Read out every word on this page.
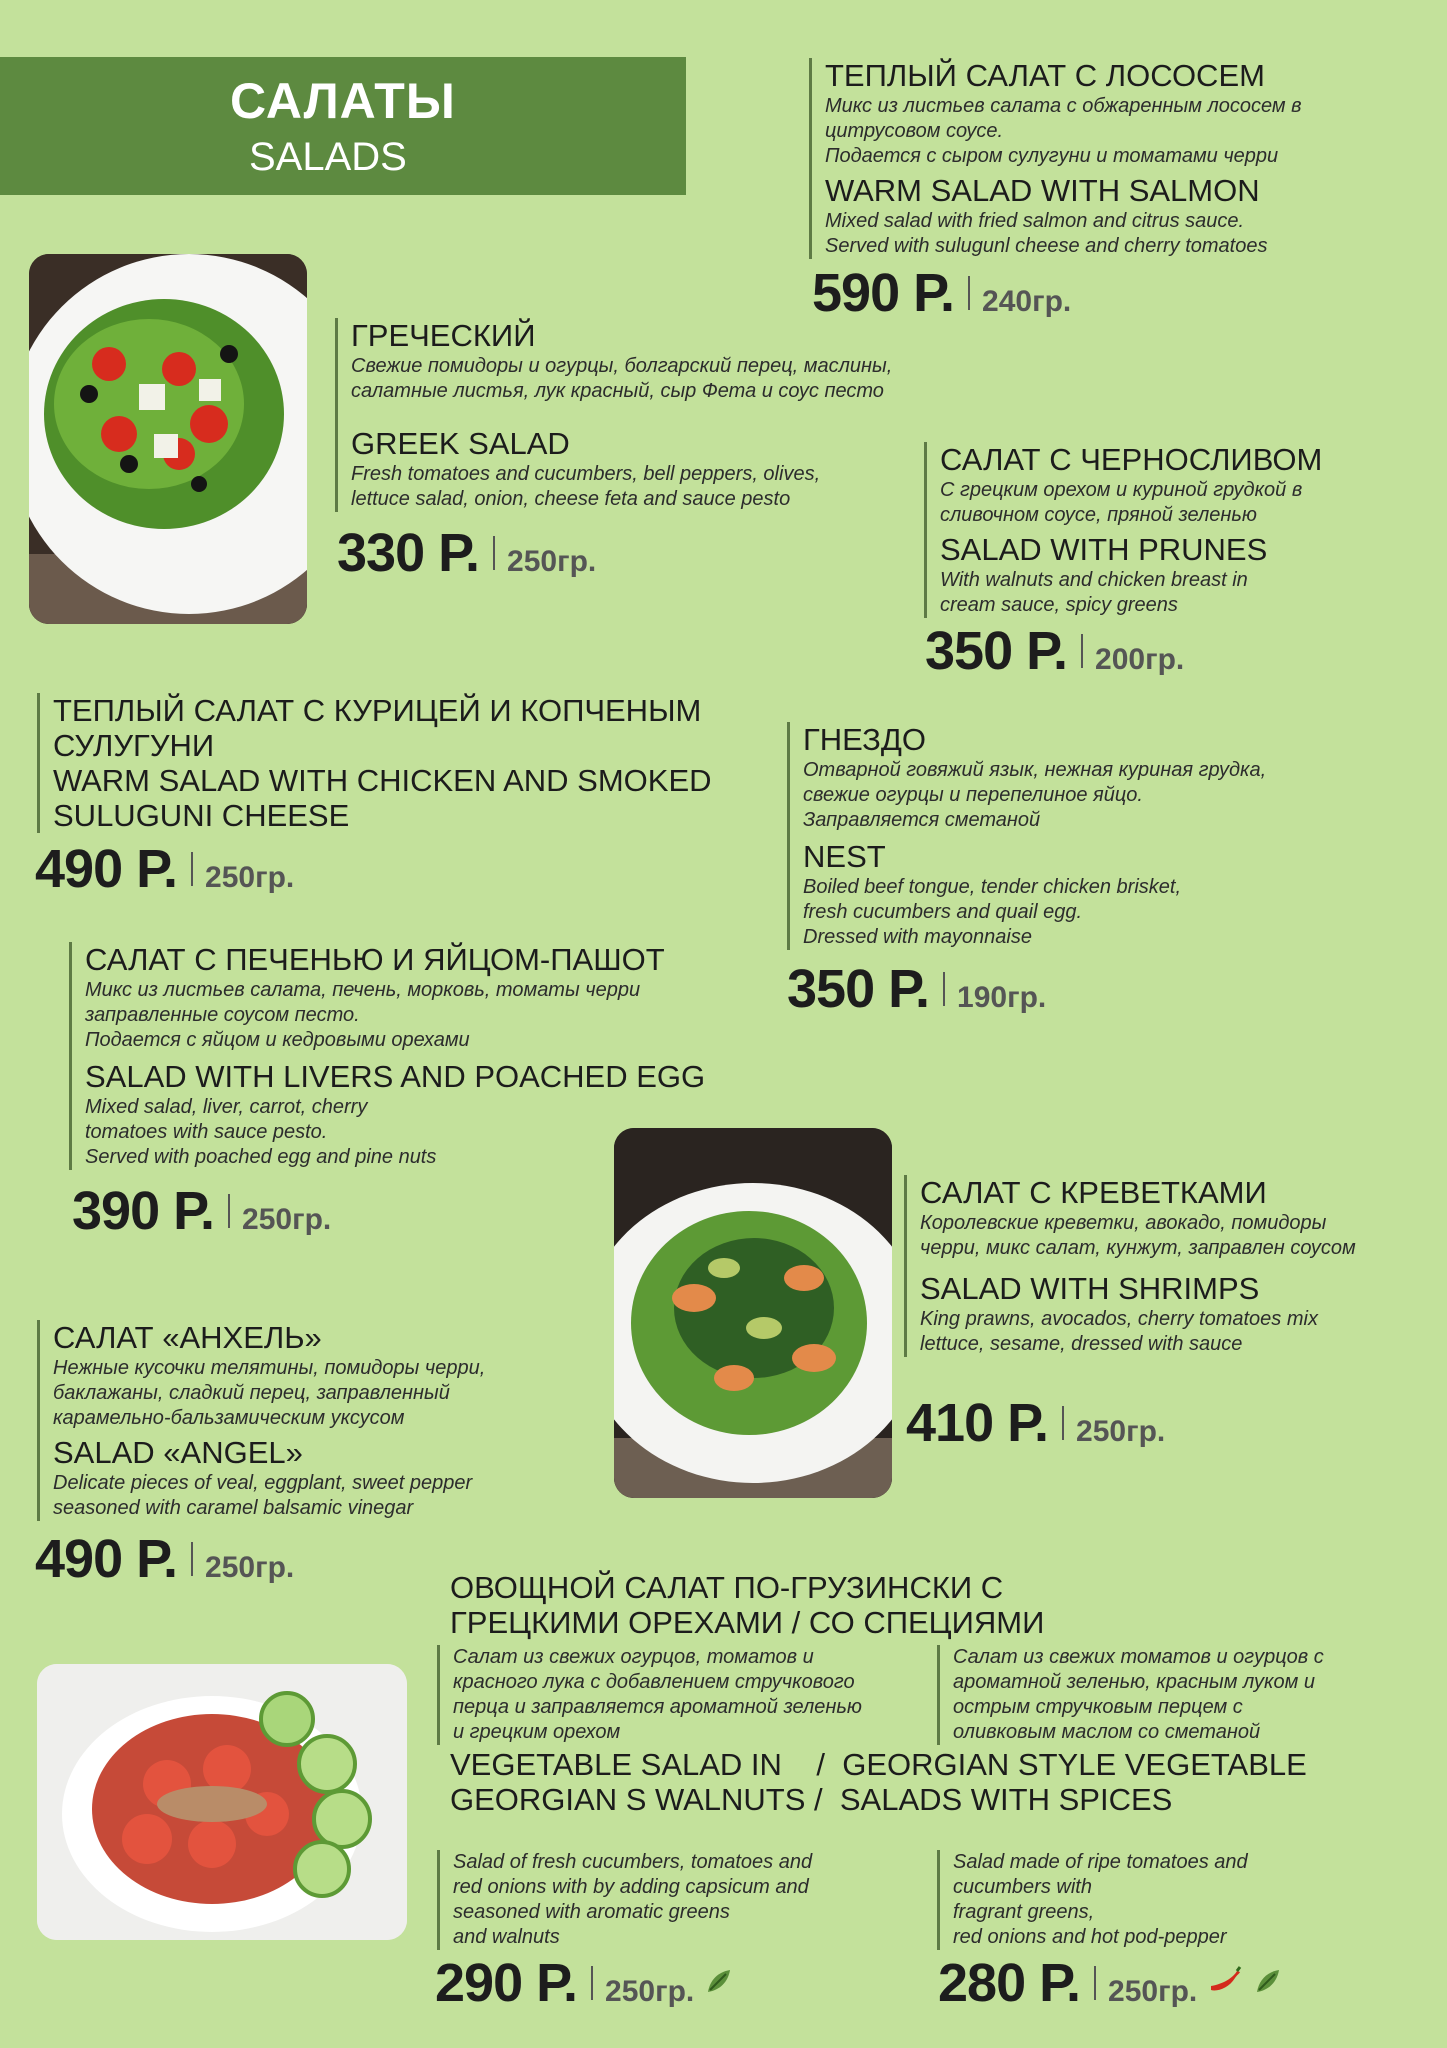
САЛАТЫ
SALADS
ТЕПЛЫЙ САЛАТ С ЛОСОСЕМ
Микс из листьев салата с обжаренным лососем в
цитрусовом соусе.
Подается с сыром сулугуни и томатами черри
WARM SALAD WITH SALMON
Mixed salad with fried salmon and citrus sauce.
Served with sulugunl cheese and cherry tomatoes
590 Р. 240гр.
ГРЕЧЕСКИЙ
Свежие помидоры и огурцы, болгарский перец, маслины,
салатные листья, лук красный, сыр Фета и соус песто
GREEK SALAD
Fresh tomatoes and cucumbers, bell peppers, olives,
lettuce salad, onion, cheese feta and sauce pesto
330 Р. 250гр.
САЛАТ С ЧЕРНОСЛИВОМ
С грецким орехом и куриной грудкой в
сливочном соусе, пряной зеленью
SALAD WITH PRUNES
With walnuts and chicken breast in
cream sauce, spicy greens
350 Р. 200гр.
ТЕПЛЫЙ САЛАТ С КУРИЦЕЙ И КОПЧЕНЫМ
СУЛУГУНИ
WARM SALAD WITH CHICKEN AND SMOKED
SULUGUNI CHEESE
490 Р. 250гр.
ГНЕЗДО
Отварной говяжий язык, нежная куриная грудка,
свежие огурцы и перепелиное яйцо.
Заправляется сметаной
NEST
Boiled beef tongue, tender chicken brisket,
fresh cucumbers and quail egg.
Dressed with mayonnaise
350 Р. 190гр.
САЛАТ С ПЕЧЕНЬЮ И ЯЙЦОМ-ПАШОТ
Микс из листьев салата, печень, морковь, томаты черри
заправленные соусом песто.
Подается с яйцом и кедровыми орехами
SALAD WITH LIVERS AND POACHED EGG
Mixed salad, liver, carrot, cherry
tomatoes with sauce pesto.
Served with poached egg and pine nuts
390 Р. 250гр.
САЛАТ С КРЕВЕТКАМИ
Королевские креветки, авокадо, помидоры
черри, микс салат, кунжут, заправлен соусом
SALAD WITH SHRIMPS
King prawns, avocados, cherry tomatoes mix
lettuce, sesame, dressed with sauce
410 Р. 250гр.
САЛАТ «АНХЕЛЬ»
Нежные кусочки телятины, помидоры черри,
баклажаны, сладкий перец, заправленный
карамельно-бальзамическим уксусом
SALAD «ANGEL»
Delicate pieces of veal, eggplant, sweet pepper
seasoned with caramel balsamic vinegar
490 Р. 250гр.
ОВОЩНОЙ САЛАТ ПО-ГРУЗИНСКИ С
ГРЕЦКИМИ ОРЕХАМИ / СО СПЕЦИЯМИ
Салат из свежих огурцов, томатов и
красного лука с добавлением стручкового
перца и заправляется ароматной зеленью
и грецким орехом
Салат из свежих томатов и огурцов с
ароматной зеленью, красным луком и
острым стручковым перцем с
оливковым маслом со сметаной
VEGETABLE SALAD IN    /  GEORGIAN STYLE VEGETABLE
GEORGIAN S WALNUTS /  SALADS WITH SPICES
Salad of fresh cucumbers, tomatoes and
red onions with by adding capsicum and
seasoned with aromatic greens
and walnuts
Salad made of ripe tomatoes and
cucumbers with
fragrant greens,
red onions and hot pod-pepper
290 Р. 250гр.	280 Р. 250гр.
